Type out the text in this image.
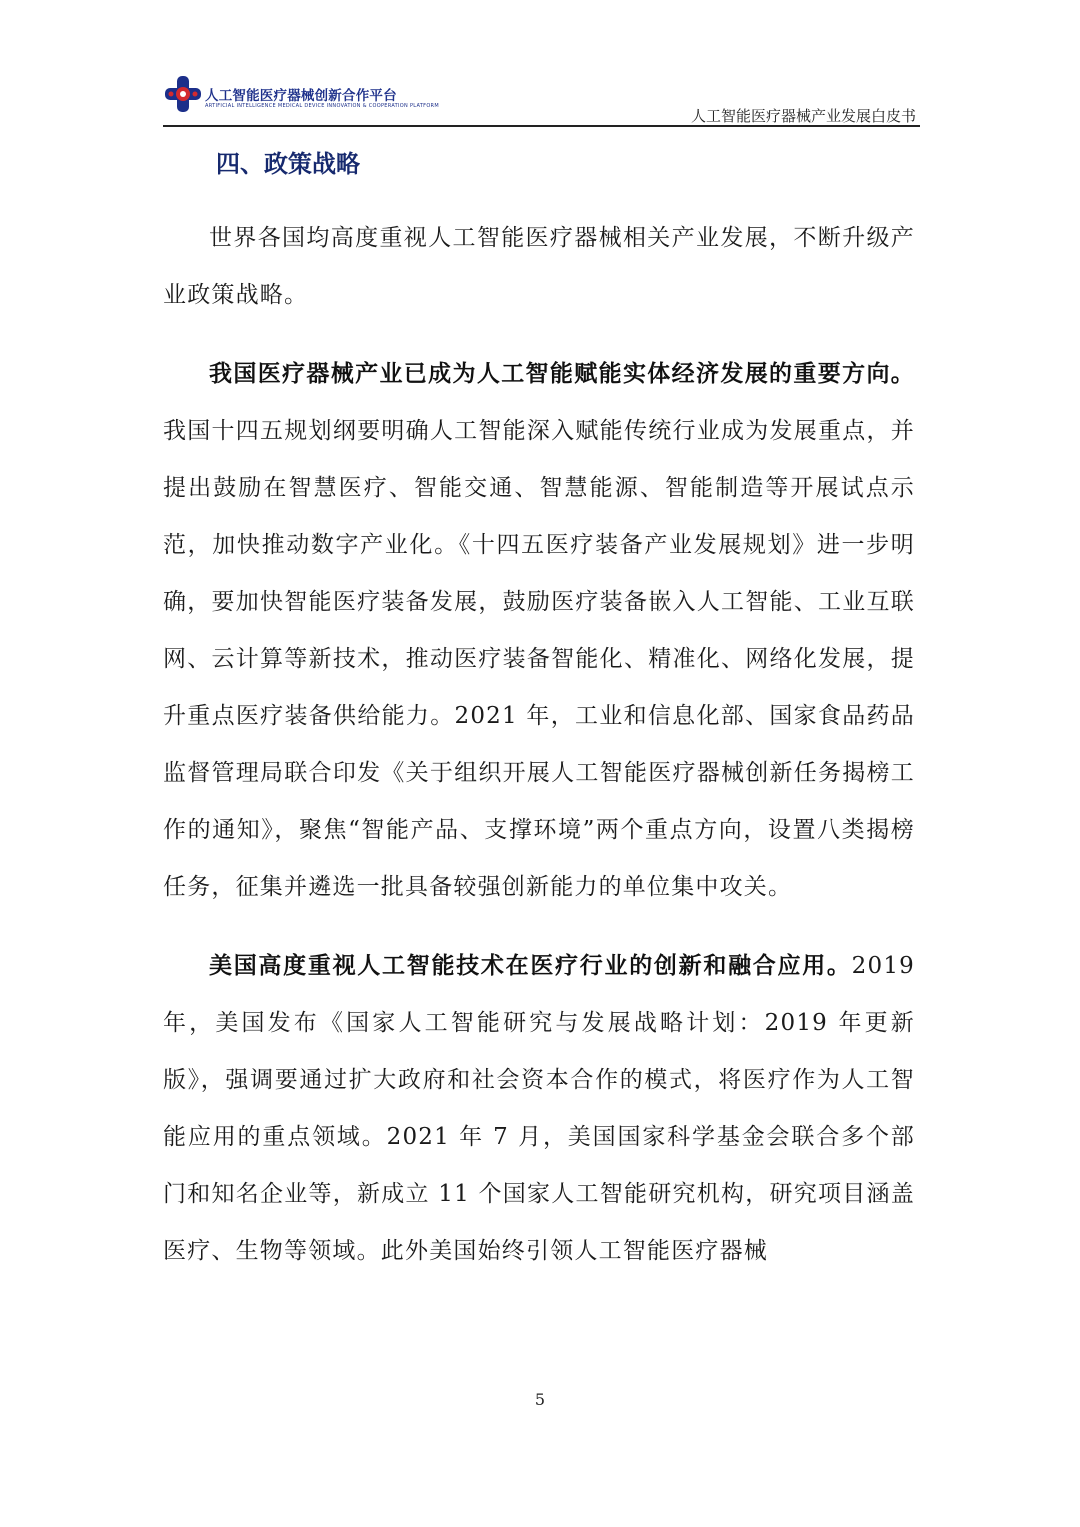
人工智能医疗器械创新合作平台
ARTIFICIAL INTELLIGENCE MEDICAL DEVICE INNOVATION & COOPERATION PLATFORM
人工智能医疗器械产业发展白皮书
四、政策战略

世界各国均高度重视人工智能医疗器械相关产业发展，不断升级产业政策战略。

我国医疗器械产业已成为人工智能赋能实体经济发展的重要方向。我国十四五规划纲要明确人工智能深入赋能传统行业成为发展重点，并提出鼓励在智慧医疗、智能交通、智慧能源、智能制造等开展试点示范，加快推动数字产业化。《十四五医疗装备产业发展规划》进一步明确，要加快智能医疗装备发展，鼓励医疗装备嵌入人工智能、工业互联网、云计算等新技术，推动医疗装备智能化、精准化、网络化发展，提升重点医疗装备供给能力。2021 年，工业和信息化部、国家食品药品监督管理局联合印发《关于组织开展人工智能医疗器械创新任务揭榜工作的通知》，聚焦“智能产品、支撑环境”两个重点方向，设置八类揭榜任务，征集并遴选一批具备较强创新能力的单位集中攻关。

美国高度重视人工智能技术在医疗行业的创新和融合应用。2019 年，美国发布《国家人工智能研究与发展战略计划：2019 年更新版》，强调要通过扩大政府和社会资本合作的模式，将医疗作为人工智能应用的重点领域。2021 年 7 月，美国国家科学基金会联合多个部门和知名企业等，新成立 11 个国家人工智能研究机构，研究项目涵盖医疗、生物等领域。此外美国始终引领人工智能医疗器械

5
